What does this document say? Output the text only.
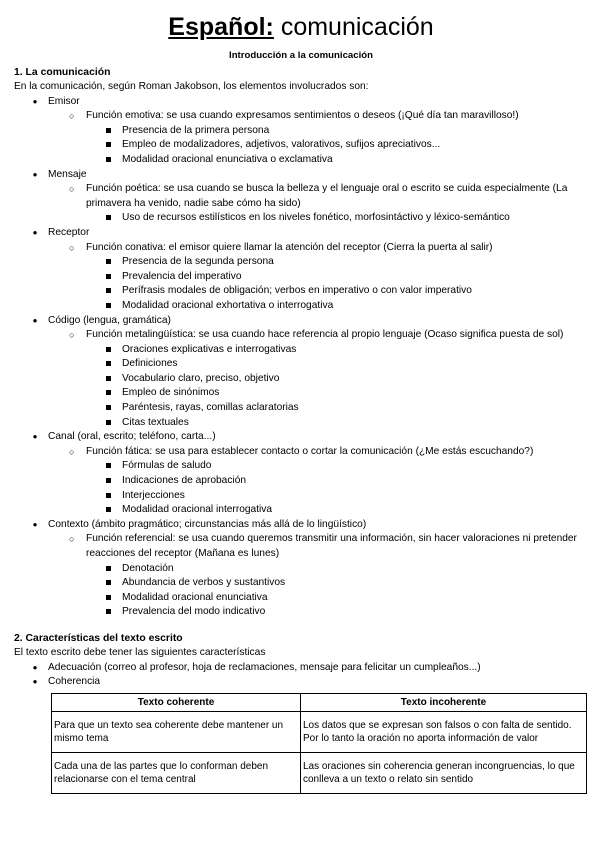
Español: comunicación
Introducción a la comunicación
1. La comunicación
En la comunicación, según Roman Jakobson, los elementos involucrados son:
● Emisor
○ Función emotiva: se usa cuando expresamos sentimientos o deseos (¡Qué día tan maravilloso!)
Presencia de la primera persona
Empleo de modalizadores, adjetivos, valorativos, sufijos apreciativos...
Modalidad oracional enunciativa o exclamativa
● Mensaje
○ Función poética: se usa cuando se busca la belleza y el lenguaje oral o escrito se cuida especialmente (La primavera ha venido, nadie sabe cómo ha sido)
Uso de recursos estilísticos en los niveles fonético, morfosintáctivo y léxico-semántico
● Receptor
○ Función conativa: el emisor quiere llamar la atención del receptor (Cierra la puerta al salir)
Presencia de la segunda persona
Prevalencia del imperativo
Perífrasis modales de obligación; verbos en imperativo o con valor imperativo
Modalidad oracional exhortativa o interrogativa
● Código (lengua, gramática)
○ Función metalingüística: se usa cuando hace referencia al propio lenguaje (Ocaso significa puesta de sol)
Oraciones explicativas e interrogativas
Definiciones
Vocabulario claro, preciso, objetivo
Empleo de sinónimos
Paréntesis, rayas, comillas aclaratorias
Citas textuales
● Canal (oral, escrito; teléfono, carta...)
○ Función fática: se usa para establecer contacto o cortar la comunicación (¿Me estás escuchando?)
Fórmulas de saludo
Indicaciones de aprobación
Interjecciones
Modalidad oracional interrogativa
● Contexto (ámbito pragmático; circunstancias más allá de lo lingüístico)
○ Función referencial: se usa cuando queremos transmitir una información, sin hacer valoraciones ni pretender reacciones del receptor (Mañana es lunes)
Denotación
Abundancia de verbos y sustantivos
Modalidad oracional enunciativa
Prevalencia del modo indicativo
2. Características del texto escrito
El texto escrito debe tener las siguientes características
● Adecuación (correo al profesor, hoja de reclamaciones, mensaje para felicitar un cumpleaños...)
● Coherencia
Texto coherente	Texto incoherente
Para que un texto sea coherente debe mantener un mismo tema	Los datos que se expresan son falsos o con falta de sentido. Por lo tanto la oración no aporta información de valor
Cada una de las partes que lo conforman deben relacionarse con el tema central	Las oraciones sin coherencia generan incongruencias, lo que conlleva a un texto o relato sin sentido
